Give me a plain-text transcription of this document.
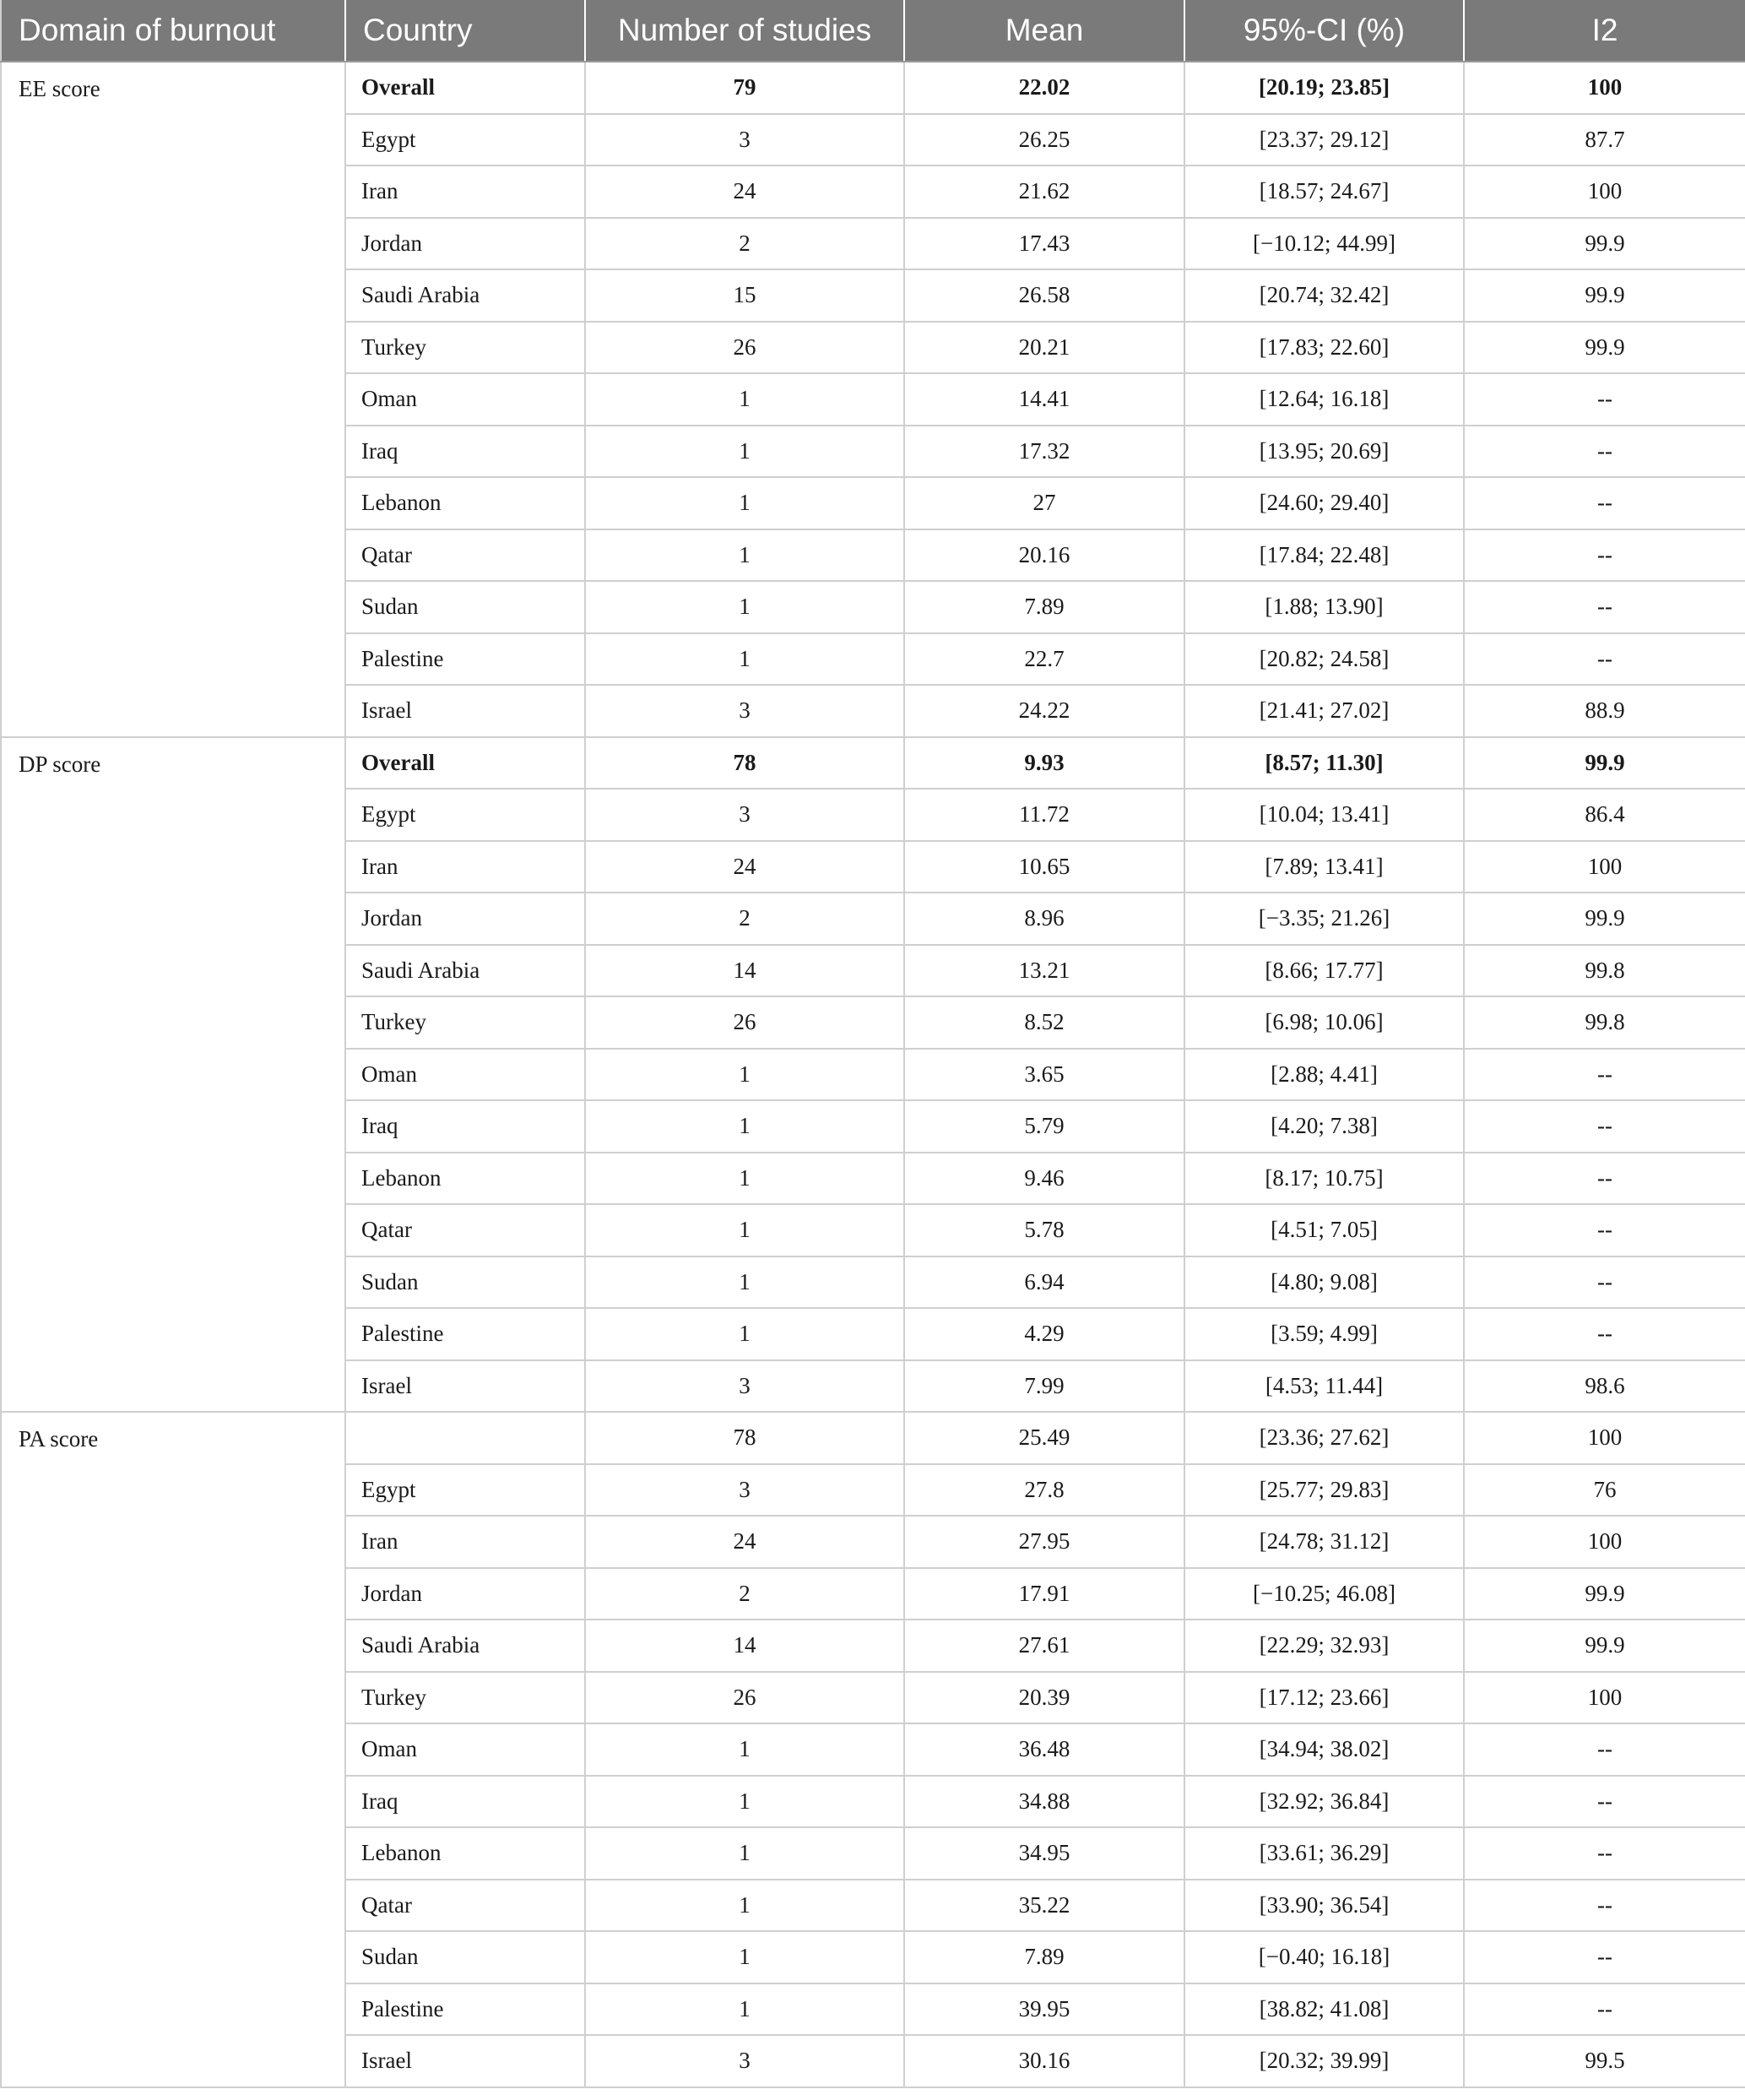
Domain of burnout	Country	Number of studies	Mean	95%-CI (%)	I2
EE score	Overall	79	22.02	[20.19; 23.85]	100
	Egypt	3	26.25	[23.37; 29.12]	87.7
	Iran	24	21.62	[18.57; 24.67]	100
	Jordan	2	17.43	[−10.12; 44.99]	99.9
	Saudi Arabia	15	26.58	[20.74; 32.42]	99.9
	Turkey	26	20.21	[17.83; 22.60]	99.9
	Oman	1	14.41	[12.64; 16.18]	--
	Iraq	1	17.32	[13.95; 20.69]	--
	Lebanon	1	27	[24.60; 29.40]	--
	Qatar	1	20.16	[17.84; 22.48]	--
	Sudan	1	7.89	[1.88; 13.90]	--
	Palestine	1	22.7	[20.82; 24.58]	--
	Israel	3	24.22	[21.41; 27.02]	88.9
DP score	Overall	78	9.93	[8.57; 11.30]	99.9
	Egypt	3	11.72	[10.04; 13.41]	86.4
	Iran	24	10.65	[7.89; 13.41]	100
	Jordan	2	8.96	[−3.35; 21.26]	99.9
	Saudi Arabia	14	13.21	[8.66; 17.77]	99.8
	Turkey	26	8.52	[6.98; 10.06]	99.8
	Oman	1	3.65	[2.88; 4.41]	--
	Iraq	1	5.79	[4.20; 7.38]	--
	Lebanon	1	9.46	[8.17; 10.75]	--
	Qatar	1	5.78	[4.51; 7.05]	--
	Sudan	1	6.94	[4.80; 9.08]	--
	Palestine	1	4.29	[3.59; 4.99]	--
	Israel	3	7.99	[4.53; 11.44]	98.6
PA score		78	25.49	[23.36; 27.62]	100
	Egypt	3	27.8	[25.77; 29.83]	76
	Iran	24	27.95	[24.78; 31.12]	100
	Jordan	2	17.91	[−10.25; 46.08]	99.9
	Saudi Arabia	14	27.61	[22.29; 32.93]	99.9
	Turkey	26	20.39	[17.12; 23.66]	100
	Oman	1	36.48	[34.94; 38.02]	--
	Iraq	1	34.88	[32.92; 36.84]	--
	Lebanon	1	34.95	[33.61; 36.29]	--
	Qatar	1	35.22	[33.90; 36.54]	--
	Sudan	1	7.89	[−0.40; 16.18]	--
	Palestine	1	39.95	[38.82; 41.08]	--
	Israel	3	30.16	[20.32; 39.99]	99.5
